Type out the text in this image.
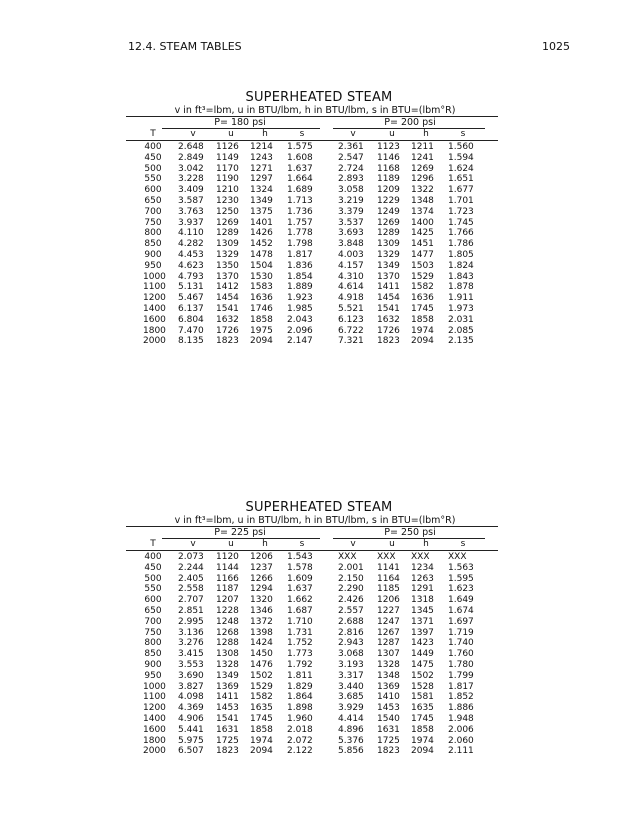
12.4. STEAM TABLES	1025
SUPERHEATED STEAM
v in ft³=lbm, u in BTU/lbm, h in BTU/lbm, s in BTU=(lbm°R)
P= 180 psi	P= 200 psi
T	v	u	h	s	v	u	h	s
400 2.648	1126	1214	1.575	2.361	1123	1211	1.560
450 2.849	1149	1243	1.608	2.547	1146	1241	1.594
500 3.042	1170	1271	1.637	2.724	1168	1269	1.624
550 3.228	1190	1297	1.664	2.893	1189	1296	1.651
600 3.409	1210	1324	1.689	3.058	1209	1322	1.677
650 3.587	1230	1349	1.713	3.219	1229	1348	1.701
700 3.763	1250	1375	1.736	3.379	1249	1374	1.723
750 3.937	1269	1401	1.757	3.537	1269	1400	1.745
800 4.110	1289	1426	1.778	3.693	1289	1425	1.766
850 4.282	1309	1452	1.798	3.848	1309	1451	1.786
900 4.453	1329	1478	1.817	4.003	1329	1477	1.805
950 4.623	1350	1504	1.836	4.157	1349	1503	1.824
1000 4.793	1370	1530	1.854	4.310	1370	1529	1.843
1100 5.131	1412	1583	1.889	4.614	1411	1582	1.878
1200 5.467	1454	1636	1.923	4.918	1454	1636	1.911
1400 6.137	1541	1746	1.985	5.521	1541	1745	1.973
1600 6.804	1632	1858	2.043	6.123	1632	1858	2.031
1800 7.470	1726	1975	2.096	6.722	1726	1974	2.085
2000 8.135	1823	2094	2.147	7.321	1823	2094	2.135
SUPERHEATED STEAM
v in ft³=lbm, u in BTU/lbm, h in BTU/lbm, s in BTU=(lbm°R)
P= 225 psi	P= 250 psi
T	v	u	h	s	v	u	h	s
400 2.073	1120	1206	1.543	XXX	XXX	XXX	XXX
450 2.244	1144	1237	1.578	2.001	1141	1234	1.563
500 2.405	1166	1266	1.609	2.150	1164	1263	1.595
550 2.558	1187	1294	1.637	2.290	1185	1291	1.623
600 2.707	1207	1320	1.662	2.426	1206	1318	1.649
650 2.851	1228	1346	1.687	2.557	1227	1345	1.674
700 2.995	1248	1372	1.710	2.688	1247	1371	1.697
750 3.136	1268	1398	1.731	2.816	1267	1397	1.719
800 3.276	1288	1424	1.752	2.943	1287	1423	1.740
850 3.415	1308	1450	1.773	3.068	1307	1449	1.760
900 3.553	1328	1476	1.792	3.193	1328	1475	1.780
950 3.690	1349	1502	1.811	3.317	1348	1502	1.799
1000 3.827	1369	1529	1.829	3.440	1369	1528	1.817
1100 4.098	1411	1582	1.864	3.685	1410	1581	1.852
1200 4.369	1453	1635	1.898	3.929	1453	1635	1.886
1400 4.906	1541	1745	1.960	4.414	1540	1745	1.948
1600 5.441	1631	1858	2.018	4.896	1631	1858	2.006
1800 5.975	1725	1974	2.072	5.376	1725	1974	2.060
2000 6.507	1823	2094	2.122	5.856	1823	2094	2.111
